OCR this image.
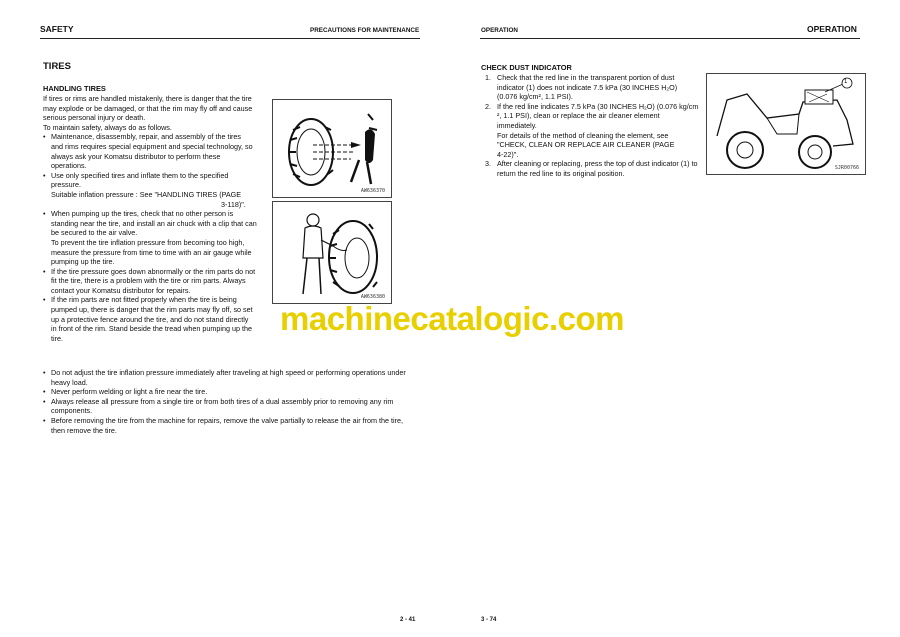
SAFETY	PRECAUTIONS FOR MAINTENANCE
TIRES
HANDLING TIRES

If tires or rims are handled mistakenly, there is danger that the tire

may explode or be damaged, or that the rim may fly off and cause

serious personal injury or death.

To maintain safety, always do as follows.

• Maintenance, disassembly, repair, and assembly of the tires

and rims requires special equipment and special technology, so

always ask your Komatsu distributor to perform these

operations.

• Use only specified tires and inflate them to the specified

pressure.

Suitable inflation pressure : See "HANDLING TIRES (PAGE

3-118)".

• When pumping up the tires, check that no other person is

standing near the tire, and install an air chuck with a clip that can

be secured to the air valve.

To prevent the tire inflation pressure from becoming too high,

measure the pressure from time to time with an air gauge while

pumping up the tire.

• If the tire pressure goes down abnormally or the rim parts do not

fit the tire, there is a problem with the tire or rim parts. Always

contact your Komatsu distributor for repairs.

• If the rim parts are not fitted properly when the tire is being

pumped up, there is danger that the rim parts may fly off, so set

up a protective fence around the tire, and do not stand directly

in front of the rim. Stand beside the tread when pumping up the

tire.

• Do not adjust the tire inflation pressure immediately after traveling at high speed or performing operations under

heavy load.

• Never perform welding or light a fire near the tire.

• Always release all pressure from a single tire or from both tires of a dual assembly prior to removing any rim

components.

• Before removing the tire from the machine for repairs, remove the valve partially to release the air from the tire,

then remove the tire.

AW636370
AW636380
2 - 41
OPERATION	OPERATION
CHECK DUST INDICATOR
1. Check that the red line in the transparent portion of dust

indicator (1) does not indicate 7.5 kPa (30 INCHES H₂O)

(0.076 kg/cm², 1.1 PSI).

2. If the red line indicates 7.5 kPa (30 INCHES H₂O) (0.076 kg/cm

², 1.1 PSI), clean or replace the air cleaner element

immediately.

For details of the method of cleaning the element, see

"CHECK, CLEAN OR REPLACE AIR CLEANER (PAGE

4-22)".

3. After cleaning or replacing, press the top of dust indicator (1) to

return the red line to its original position.

1
SJR00766
3 - 74
machinecatalogic.com
